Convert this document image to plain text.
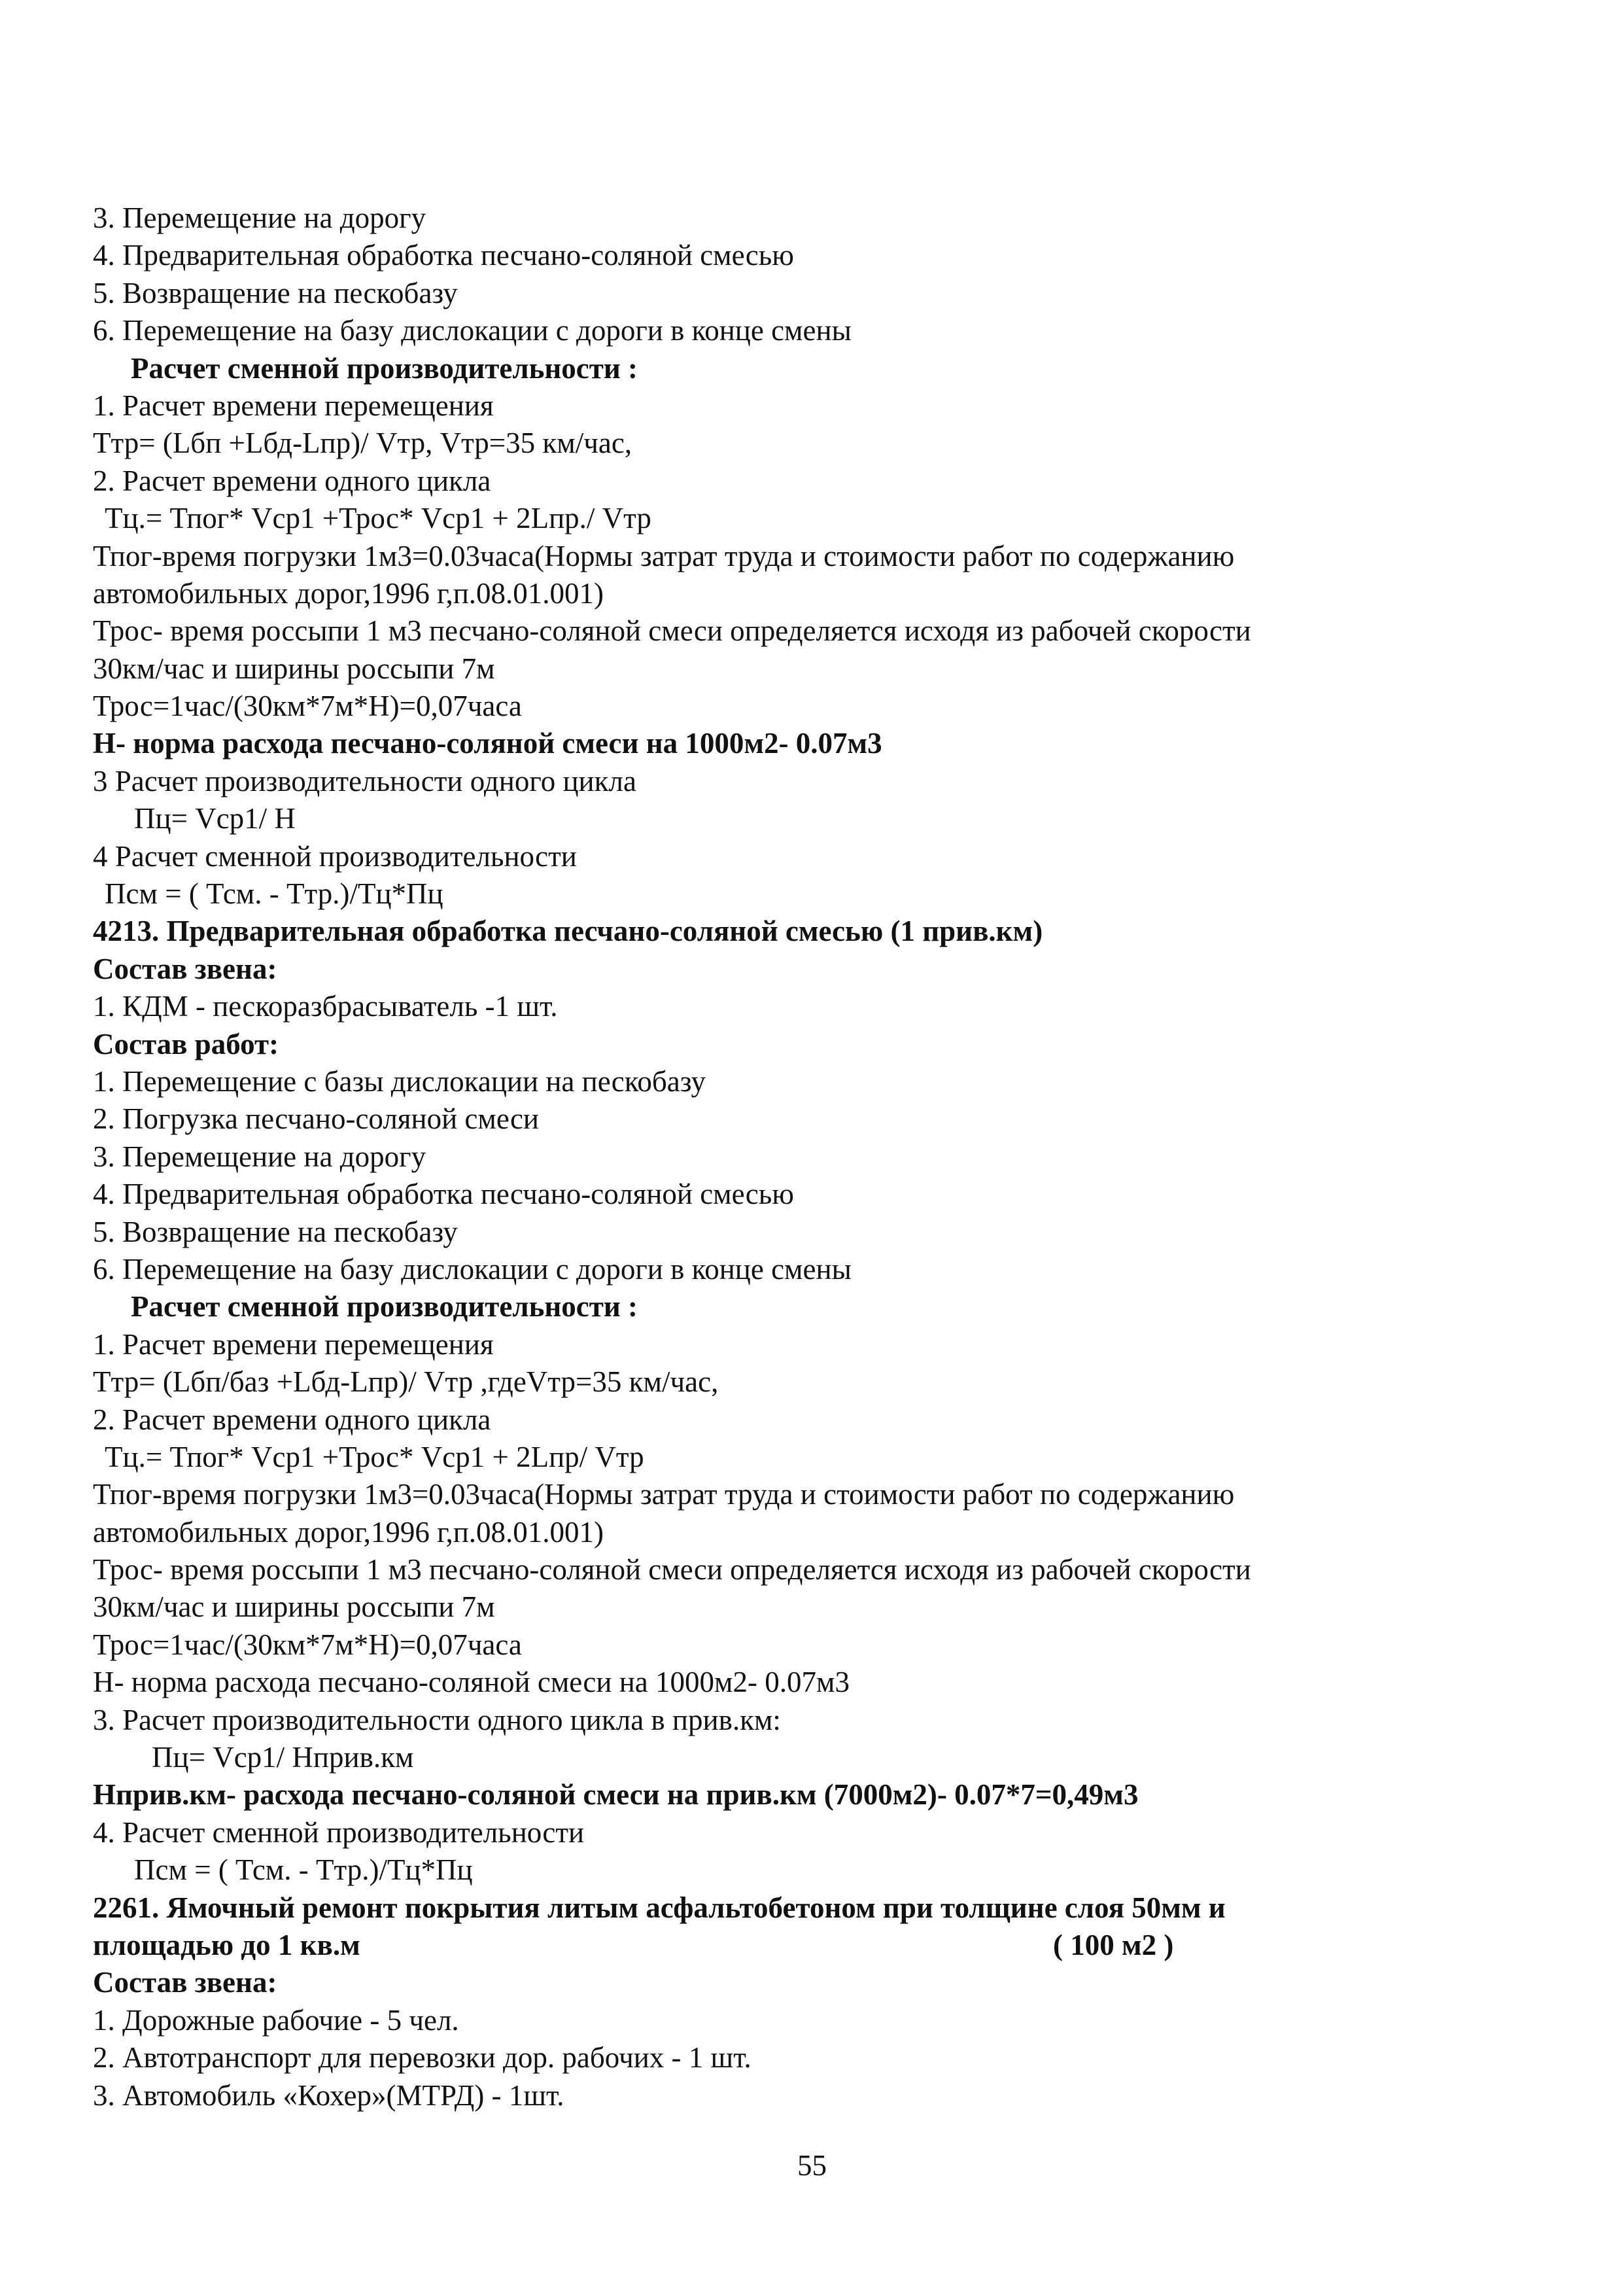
3. Перемещение на дорогу
4. Предварительная обработка песчано-соляной смесью
5. Возвращение на пескобазу
6. Перемещение на базу дислокации с дороги в конце смены
Расчет сменной производительности :
1. Расчет времени перемещения
Ттр= (Lбп +Lбд-Lпр)/ Vтр, Vтр=35 км/час,
2. Расчет времени одного цикла
Тц.= Тпог* Vср1 +Трос* Vср1 + 2Lпр./ Vтр
Тпог-время погрузки 1м3=0.03часа(Нормы затрат труда и стоимости работ по содержанию
автомобильных дорог,1996 г,п.08.01.001)
Трос- время россыпи 1 м3 песчано-соляной смеси определяется исходя из рабочей скорости
30км/час и ширины россыпи 7м
Трос=1час/(30км*7м*Н)=0,07часа
Н- норма расхода песчано-соляной смеси на 1000м2- 0.07м3
3 Расчет производительности одного цикла
Пц= Vср1/ Н
4 Расчет сменной производительности
Псм = ( Тсм. - Ттр.)/Тц*Пц
4213. Предварительная обработка песчано-соляной смесью (1 прив.км)
Состав звена:
1. КДМ - пескоразбрасыватель -1 шт.
Состав работ:
1. Перемещение с базы дислокации на пескобазу
2. Погрузка песчано-соляной смеси
3. Перемещение на дорогу
4. Предварительная обработка песчано-соляной смесью
5. Возвращение на пескобазу
6. Перемещение на базу дислокации с дороги в конце смены
Расчет сменной производительности :
1. Расчет времени перемещения
Ттр= (Lбп/баз +Lбд-Lпр)/ Vтр ,гдеVтр=35 км/час,
2. Расчет времени одного цикла
Тц.= Тпог* Vср1 +Трос* Vср1 + 2Lпр/ Vтр
Тпог-время погрузки 1м3=0.03часа(Нормы затрат труда и стоимости работ по содержанию
автомобильных дорог,1996 г,п.08.01.001)
Трос- время россыпи 1 м3 песчано-соляной смеси определяется исходя из рабочей скорости
30км/час и ширины россыпи 7м
Трос=1час/(30км*7м*Н)=0,07часа
Н- норма расхода песчано-соляной смеси на 1000м2- 0.07м3
3. Расчет производительности одного цикла в прив.км:
Пц= Vср1/ Нприв.км
Нприв.км- расхода песчано-соляной смеси на прив.км (7000м2)- 0.07*7=0,49м3
4. Расчет сменной производительности
Псм = ( Тсм. - Ттр.)/Тц*Пц
2261. Ямочный ремонт покрытия литым асфальтобетоном при толщине слоя 50мм и
площадью до 1 кв.м	( 100 м2 )
Состав звена:
1. Дорожные рабочие - 5 чел.
2. Автотранспорт для перевозки дор. рабочих - 1 шт.
3. Автомобиль «Кохер»(МТРД) - 1шт.
55
